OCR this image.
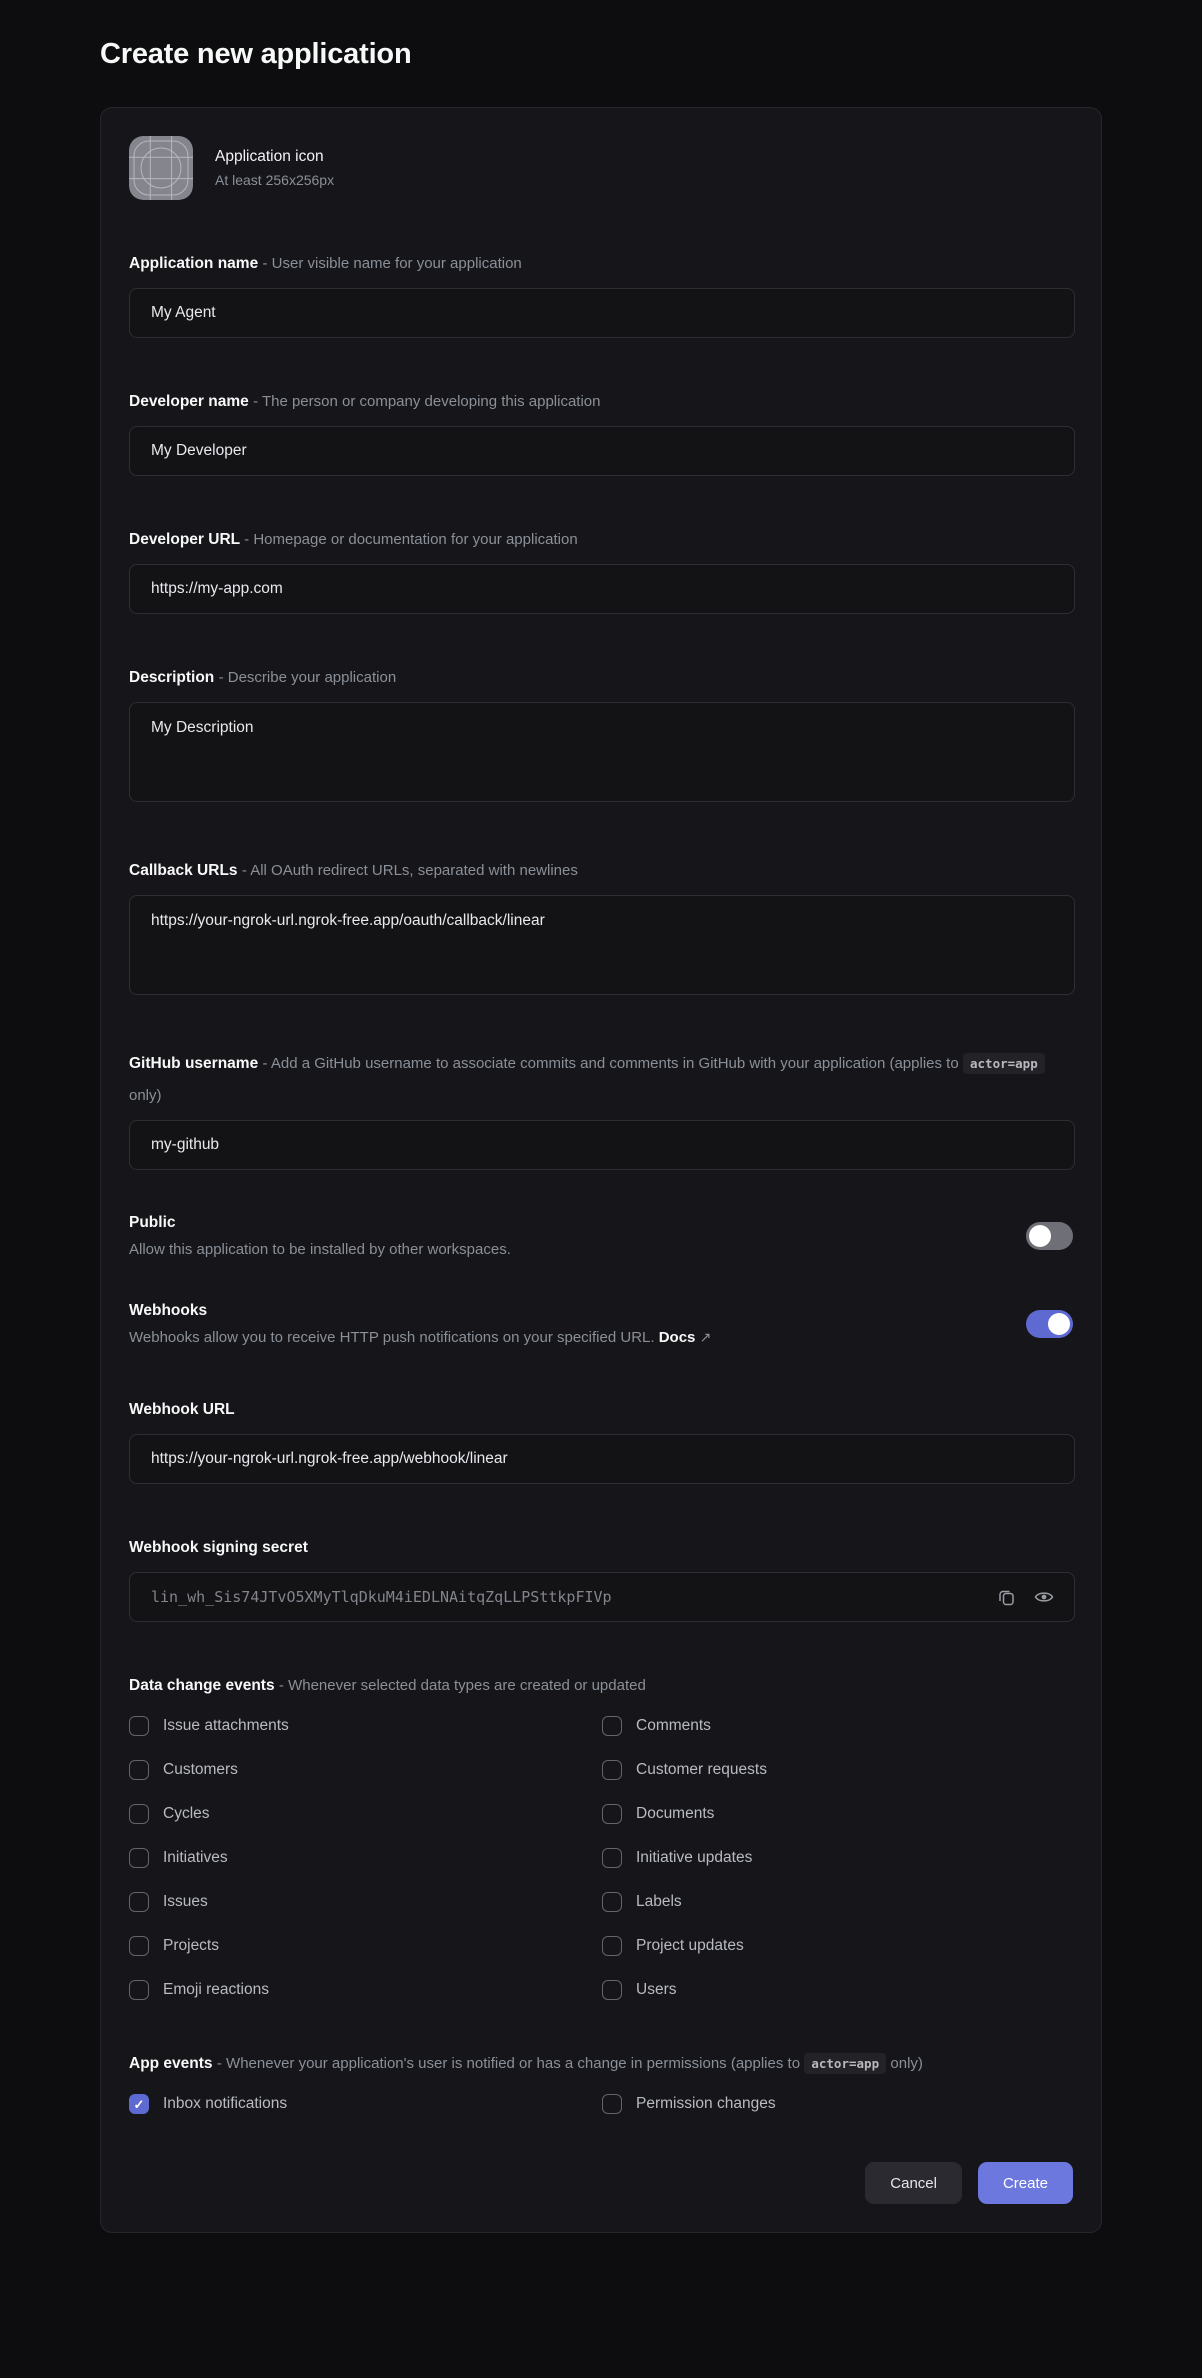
Create new application
Application icon
At least 256x256px
Application name - User visible name for your application
My Agent
Developer name - The person or company developing this application
My Developer
Developer URL - Homepage or documentation for your application
https://my-app.com
Description - Describe your application
My Description
Callback URLs - All OAuth redirect URLs, separated with newlines
https://your-ngrok-url.ngrok-free.app/oauth/callback/linear
GitHub username - Add a GitHub username to associate commits and comments in GitHub with your application (applies to actor=app only)
my-github
Public
Allow this application to be installed by other workspaces.
Webhooks
Webhooks allow you to receive HTTP push notifications on your specified URL. Docs ↗
Webhook URL
https://your-ngrok-url.ngrok-free.app/webhook/linear
Webhook signing secret
lin_wh_Sis74JTvO5XMyTlqDkuM4iEDLNAitqZqLLPSttkpFIVp
Data change events - Whenever selected data types are created or updated
Issue attachments	Comments
Customers	Customer requests
Cycles	Documents
Initiatives	Initiative updates
Issues	Labels
Projects	Project updates
Emoji reactions	Users
App events - Whenever your application's user is notified or has a change in permissions (applies to actor=app only)
✓
Inbox notifications	Permission changes
Cancel	Create
